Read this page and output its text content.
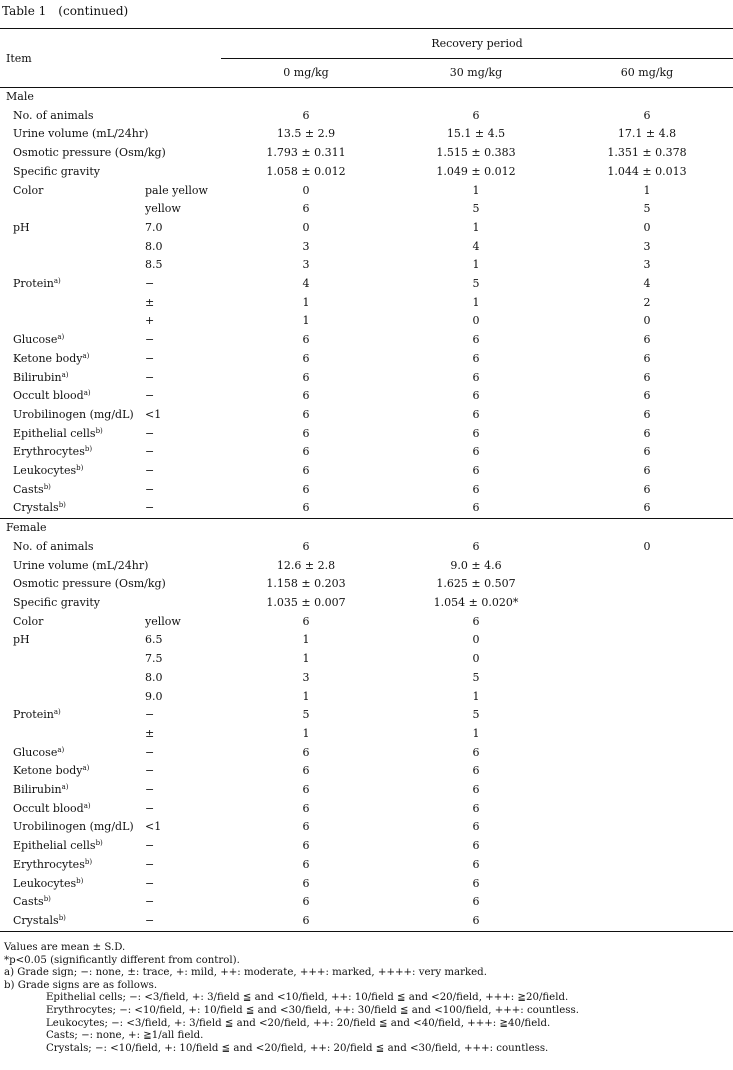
Table 1　(continued)
Item		Recovery period		
		0 mg/kg	30 mg/kg	60 mg/kg
Male				
No. of animals		6	6	6
Urine volume (mL/24hr)		13.5 ± 2.9	15.1 ± 4.5	17.1 ± 4.8
Osmotic pressure (Osm/kg)		1.793 ± 0.311	1.515 ± 0.383	1.351 ± 0.378
Specific gravity		1.058 ± 0.012	1.049 ± 0.012	1.044 ± 0.013
Color	pale yellow	0	1	1
	yellow	6	5	5
pH	7.0	0	1	0
	8.0	3	4	3
	8.5	3	1	3
Protein$^{a)}$	−	4	5	4
	±	1	1	2
	+	1	0	0
Glucose$^{a)}$	−	6	6	6
Ketone body$^{a)}$	−	6	6	6
Bilirubin$^{a)}$	−	6	6	6
Occult blood$^{a)}$	−	6	6	6
Urobilinogen (mg/dL)	<1	6	6	6
Epithelial cells$^{b)}$	−	6	6	6
Erythrocytes$^{b)}$	−	6	6	6
Leukocytes$^{b)}$	−	6	6	6
Casts$^{b)}$	−	6	6	6
Crystals$^{b)}$	−	6	6	6
Female				
No. of animals		6	6	0
Urine volume (mL/24hr)		12.6 ± 2.8	9.0 ± 4.6	
Osmotic pressure (Osm/kg)		1.158 ± 0.203	1.625 ± 0.507	
Specific gravity		1.035 ± 0.007	1.054 ± 0.020*	
Color	yellow	6	6	
pH	6.5	1	0	
	7.5	1	0	
	8.0	3	5	
	9.0	1	1	
Protein$^{a)}$	−	5	5	
	±	1	1	
Glucose$^{a)}$	−	6	6	
Ketone body$^{a)}$	−	6	6	
Bilirubin$^{a)}$	−	6	6	
Occult blood$^{a)}$	−	6	6	
Urobilinogen (mg/dL)	<1	6	6	
Epithelial cells$^{b)}$	−	6	6	
Erythrocytes$^{b)}$	−	6	6	
Leukocytes$^{b)}$	−	6	6	
Casts$^{b)}$	−	6	6	
Crystals$^{b)}$	−	6	6	
Values are mean ± S.D.
*p<0.05 (significantly different from control).
a) Grade sign; −: none, ±: trace, +: mild, ++: moderate, +++: marked, ++++: very marked.
b) Grade signs are as follows.
Epithelial cells; −: <3/field, +: 3/field ≦ and <10/field, ++: 10/field ≦ and <20/field, +++: ≧20/field.
Erythrocytes; −: <10/field, +: 10/field ≦ and <30/field, ++: 30/field ≦ and <100/field, +++: countless.
Leukocytes; −: <3/field, +: 3/field ≦ and <20/field, ++: 20/field ≦ and <40/field, +++: ≧40/field.
Casts; −: none, +: ≧1/all field.
Crystals; −: <10/field, +: 10/field ≦ and <20/field, ++: 20/field ≦ and <30/field, +++: countless.
